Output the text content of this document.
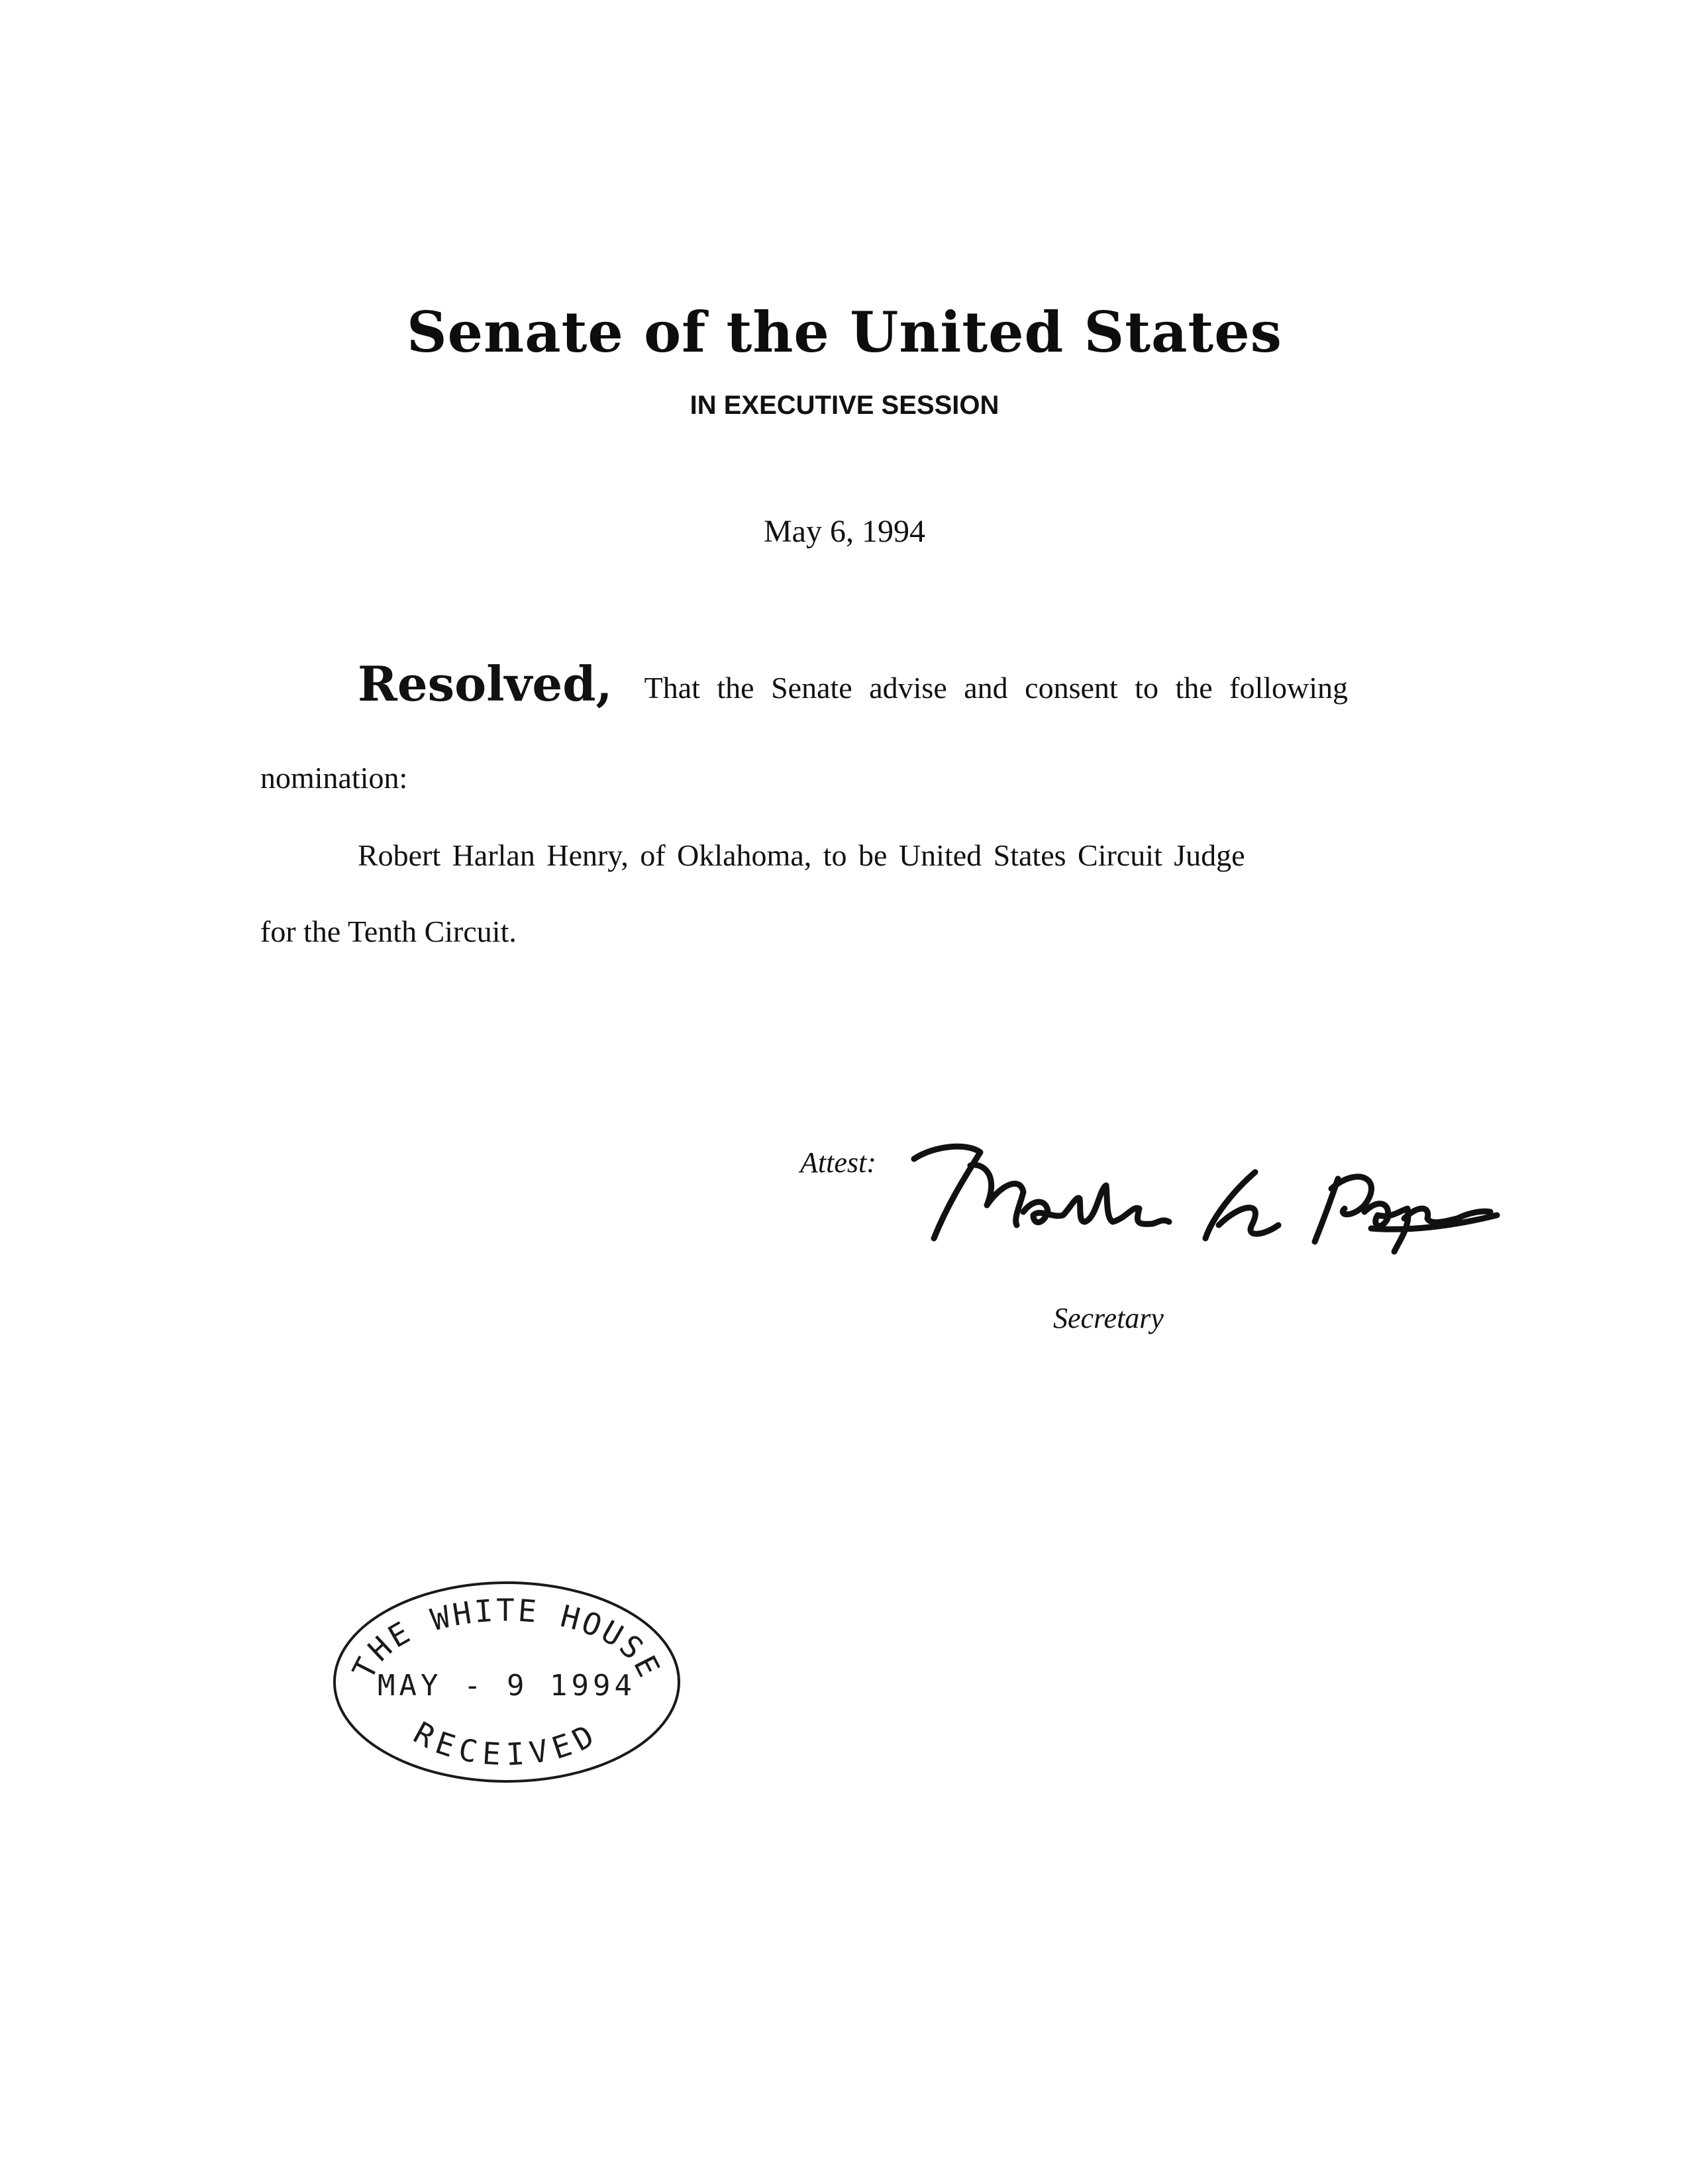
Senate of the United States
IN EXECUTIVE SESSION
May 6, 1994
Resolved, That the Senate advise and consent to the following
nomination:
Robert Harlan Henry, of Oklahoma, to be United States Circuit Judge
for the Tenth Circuit.
Attest:
Secretary
THE WHITE HOUSE
MAY - 9 1994
RECEIVED
